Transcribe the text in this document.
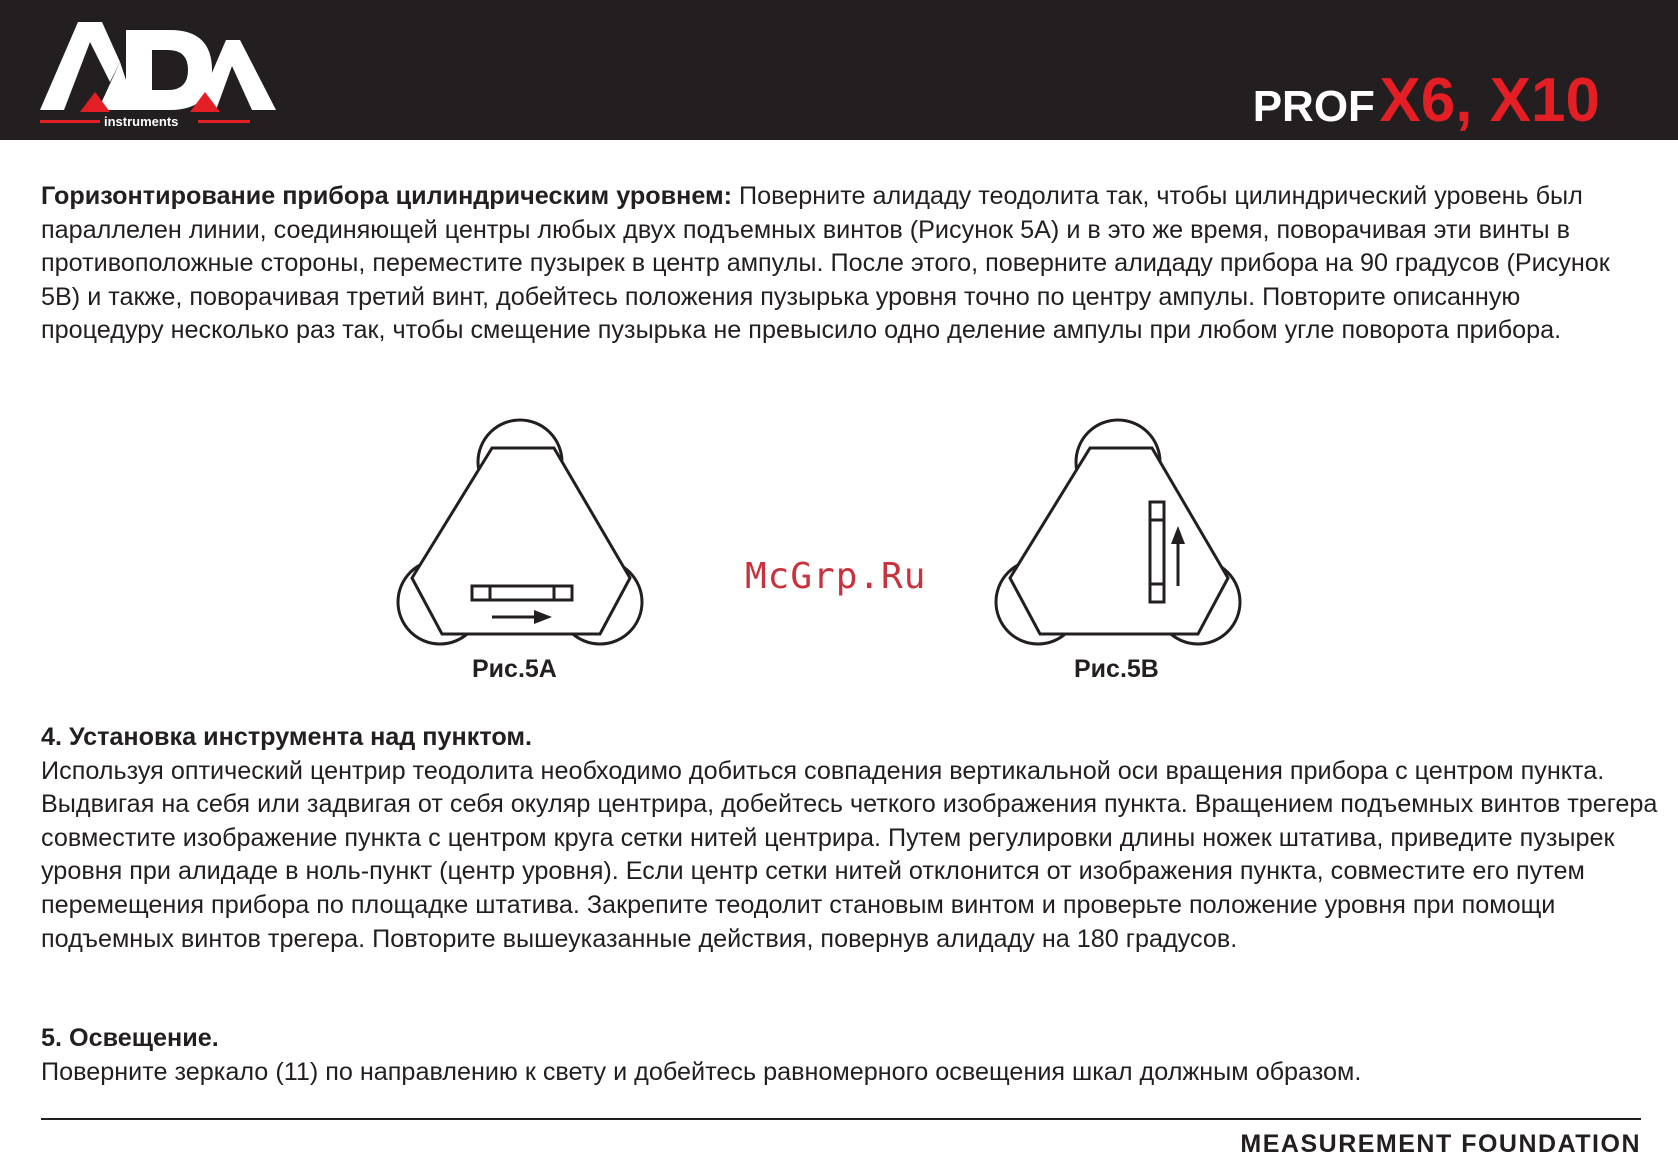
instruments	PROF X6, X10

Горизонтирование прибора цилиндрическим уровнем: Поверните алидаду теодолита так, чтобы цилиндрический уровень был параллелен линии, соединяющей центры любых двух подъемных винтов (Рисунок 5А) и в это же время, поворачивая эти винты в противоположные стороны, переместите пузырек в центр ампулы. После этого, поверните алидаду прибора на 90 градусов (Рисунок 5В) и также, поворачивая третий винт, добейтесь положения пузырька уровня точно по центру ампулы. Повторите описанную процедуру несколько раз так, чтобы смещение пузырька не превысило одно деление ампулы при любом угле поворота прибора.

Рис.5А	Рис.5В
McGrp.Ru

4. Установка инструмента над пунктом.

Используя оптический центрир теодолита необходимо добиться совпадения вертикальной оси вращения прибора с центром пункта. Выдвигая на себя или задвигая от себя окуляр центрира, добейтесь четкого изображения пункта. Вращением подъемных винтов трегера совместите изображение пункта с центром круга сетки нитей центрира. Путем регулировки длины ножек штатива, приведите пузырек уровня при алидаде в ноль-пункт (центр уровня). Если центр сетки нитей отклонится от изображения пункта, совместите его путем перемещения прибора по площадке штатива. Закрепите теодолит становым винтом и проверьте положение уровня при помощи подъемных винтов трегера. Повторите вышеуказанные действия, повернув алидаду на 180 градусов.

5. Освещение.

Поверните зеркало (11) по направлению к свету и добейтесь равномерного освещения шкал должным образом.

MEASUREMENT FOUNDATION
